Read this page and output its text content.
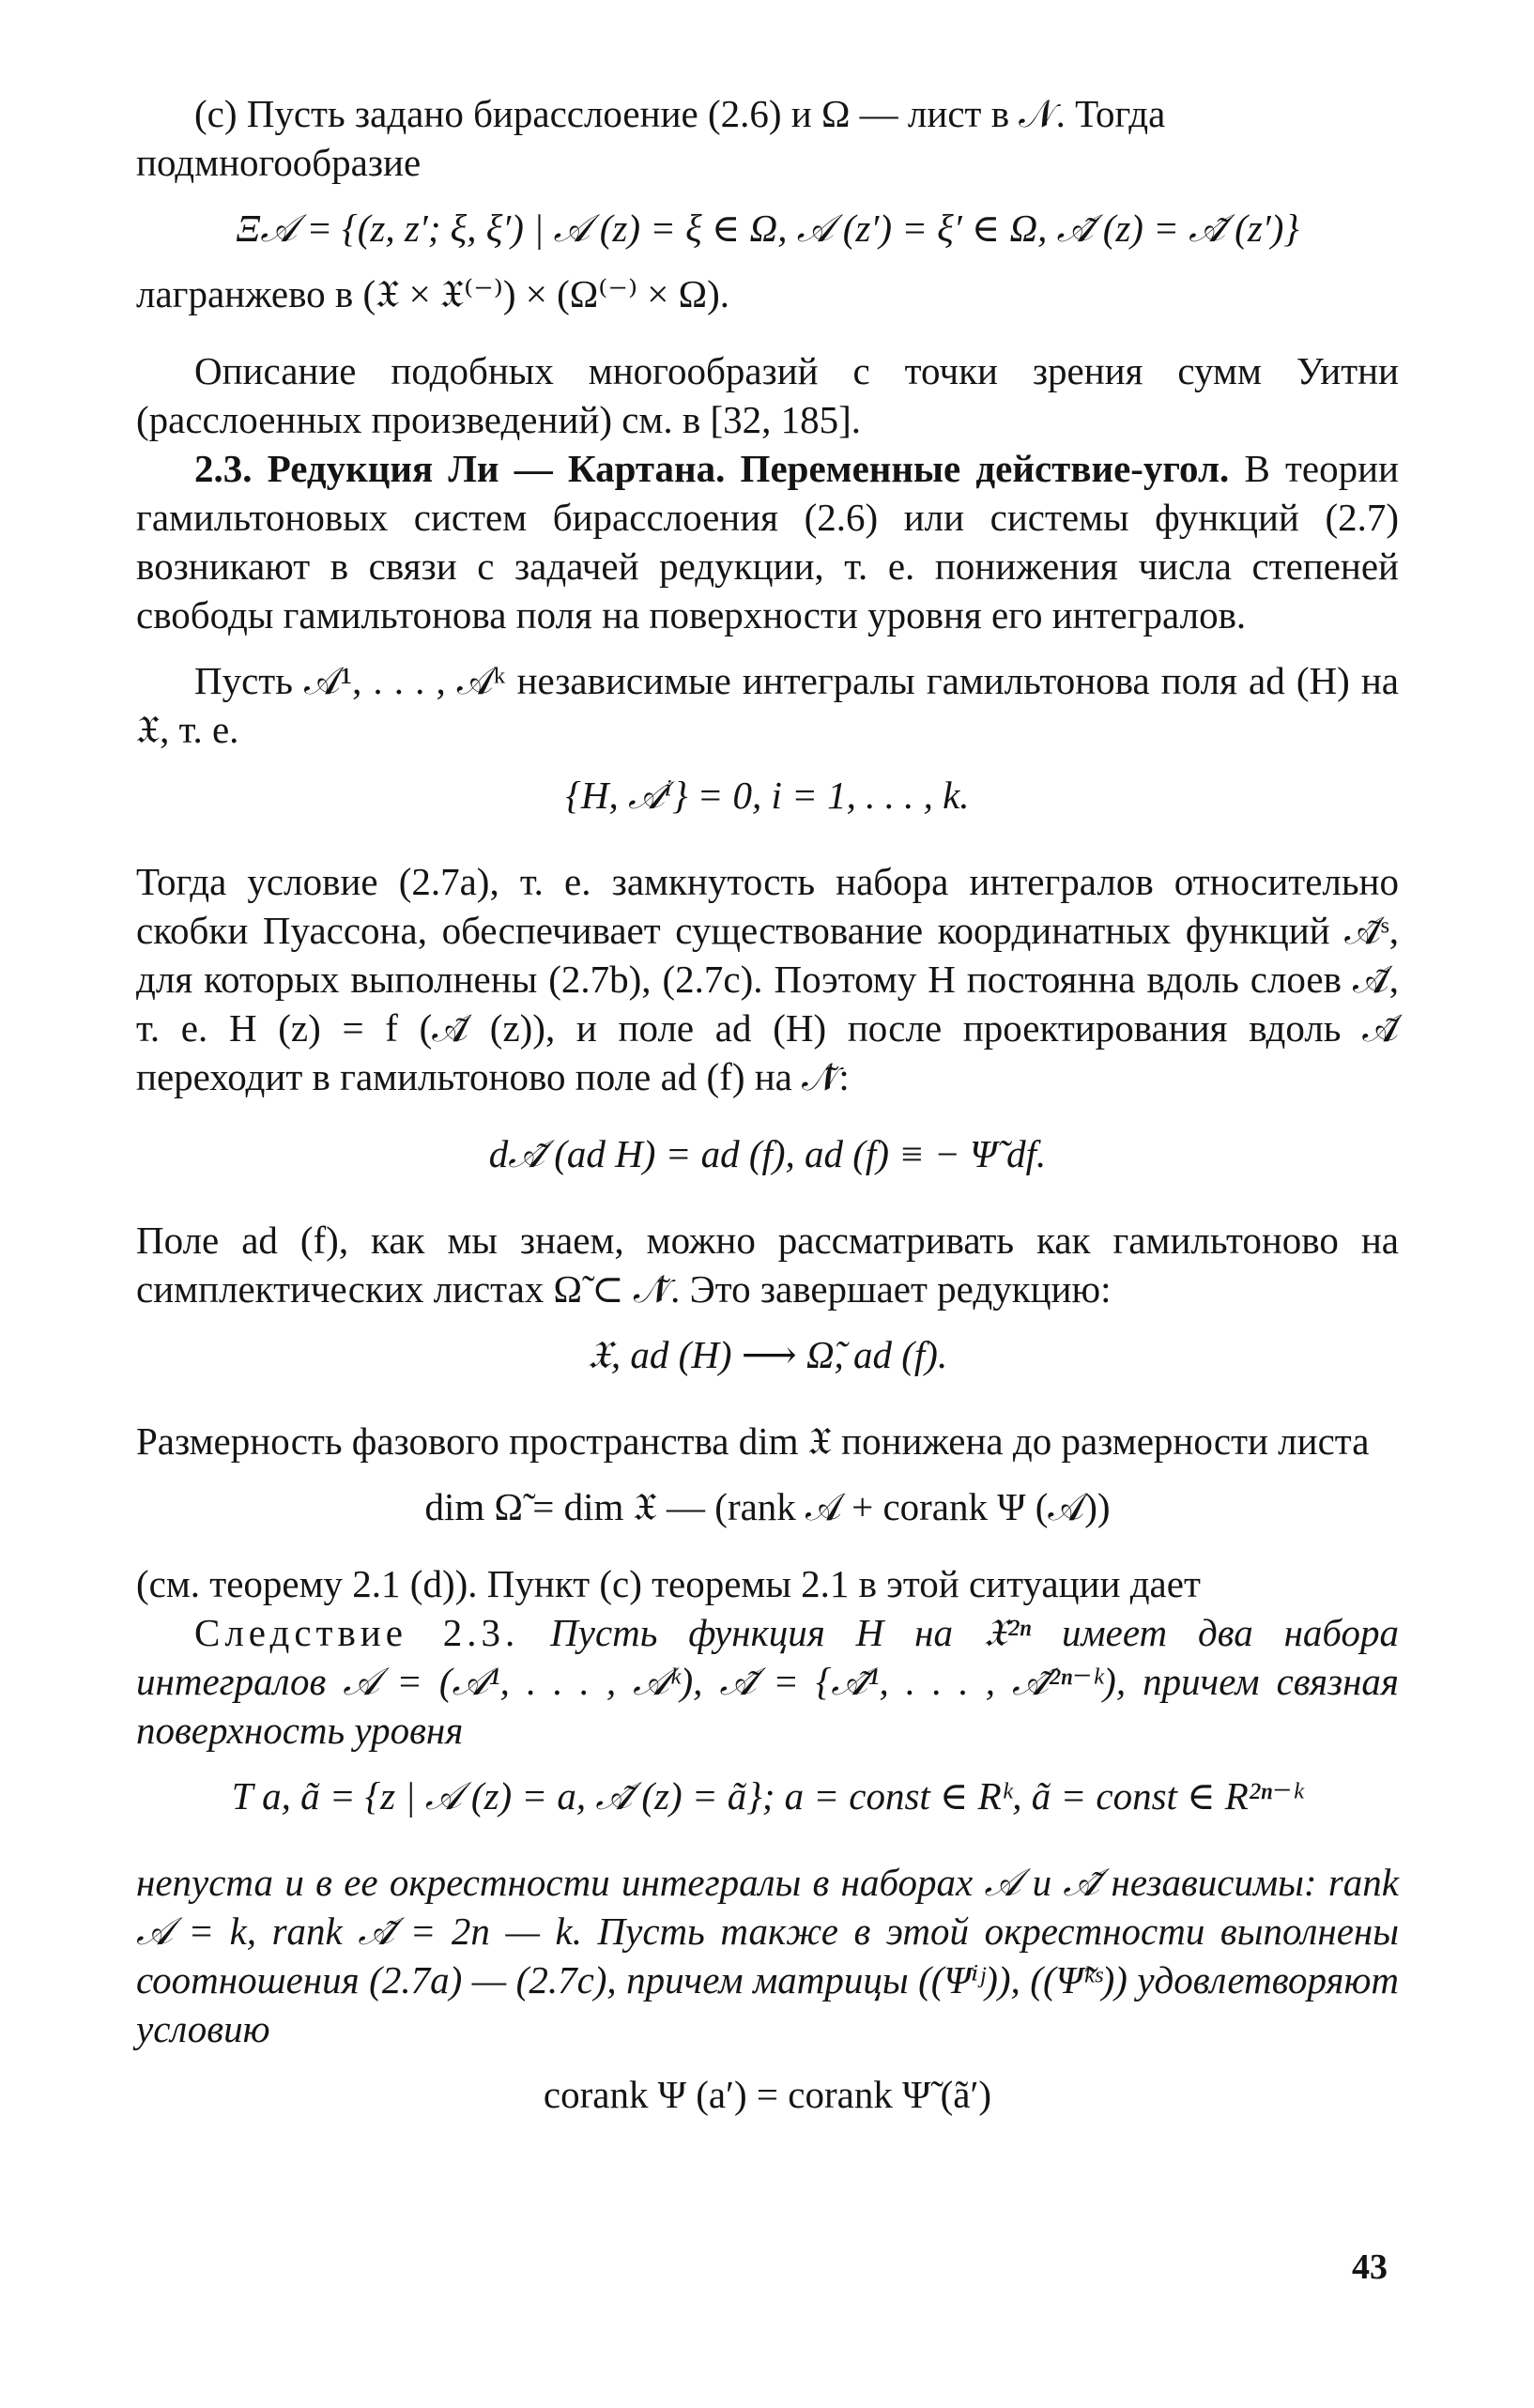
(c) Пусть задано бирасслоение (2.6) и Ω — лист в 𝒩. Тогда

подмногообразие

Ξ𝒜 = {(z, z′; ξ, ξ′) | 𝒜 (z) = ξ ∈ Ω, 𝒜 (z′) = ξ′ ∈ Ω, 𝒜̃ (z) = 𝒜̃ (z′)}

лагранжево в (𝔛 × 𝔛⁽⁻⁾) × (Ω⁽⁻⁾ × Ω).

Описание подобных многообразий с точки зрения сумм Уитни (расслоенных произведений) см. в [32, 185].

2.3. Редукция Ли — Картана. Переменные действие-угол. В теории гамильтоновых систем бирасслоения (2.6) или системы функций (2.7) возникают в связи с задачей редукции, т. е. понижения числа степеней свободы гамильтонова поля на поверхности уровня его интегралов.

Пусть 𝒜¹, . . . , 𝒜ᵏ независимые интегралы гамильтонова поля ad (H) на 𝔛, т. е.

{H, 𝒜ⁱ} = 0, i = 1, . . . , k.

Тогда условие (2.7a), т. е. замкнутость набора интегралов относительно скобки Пуассона, обеспечивает существование координатных функций 𝒜̃ˢ, для которых выполнены (2.7b), (2.7c). Поэтому H постоянна вдоль слоев 𝒜̃, т. е. H (z) = f (𝒜̃ (z)), и поле ad (H) после проектирования вдоль 𝒜̃ переходит в гамильтоново поле ad (f) на 𝒩̃:

d𝒜̃ (ad H) = ad (f), ad (f) ≡ − Ψ̃ df.

Поле ad (f), как мы знаем, можно рассматривать как гамильтоново на симплектических листах Ω̃ ⊂ 𝒩̃. Это завершает редукцию:

𝔛, ad (H) ⟶ Ω̃, ad (f).

Размерность фазового пространства dim 𝔛 понижена до размерности листа

dim Ω̃ = dim 𝔛 — (rank 𝒜 + corank Ψ (𝒜))

(см. теорему 2.1 (d)). Пункт (c) теоремы 2.1 в этой ситуации дает

Следствие 2.3. Пусть функция H на 𝔛²ⁿ имеет два набора интегралов 𝒜 = (𝒜¹, . . . , 𝒜ᵏ), 𝒜̃ = {𝒜̃¹, . . . , 𝒜̃²ⁿ⁻ᵏ), причем связная поверхность уровня

T a, ã = {z | 𝒜 (z) = a, 𝒜̃ (z) = ã}; a = const ∈ Rᵏ, ã = const ∈ R²ⁿ⁻ᵏ

непуста и в ее окрестности интегралы в наборах 𝒜 и 𝒜̃ независимы: rank 𝒜 = k, rank 𝒜̃ = 2n — k. Пусть также в этой окрестности выполнены соотношения (2.7a) — (2.7c), причем матрицы ((Ψⁱʲ)), ((Ψ̃ᵏˢ)) удовлетворяют условию

corank Ψ (a′) = corank Ψ̃ (ã′)

43
